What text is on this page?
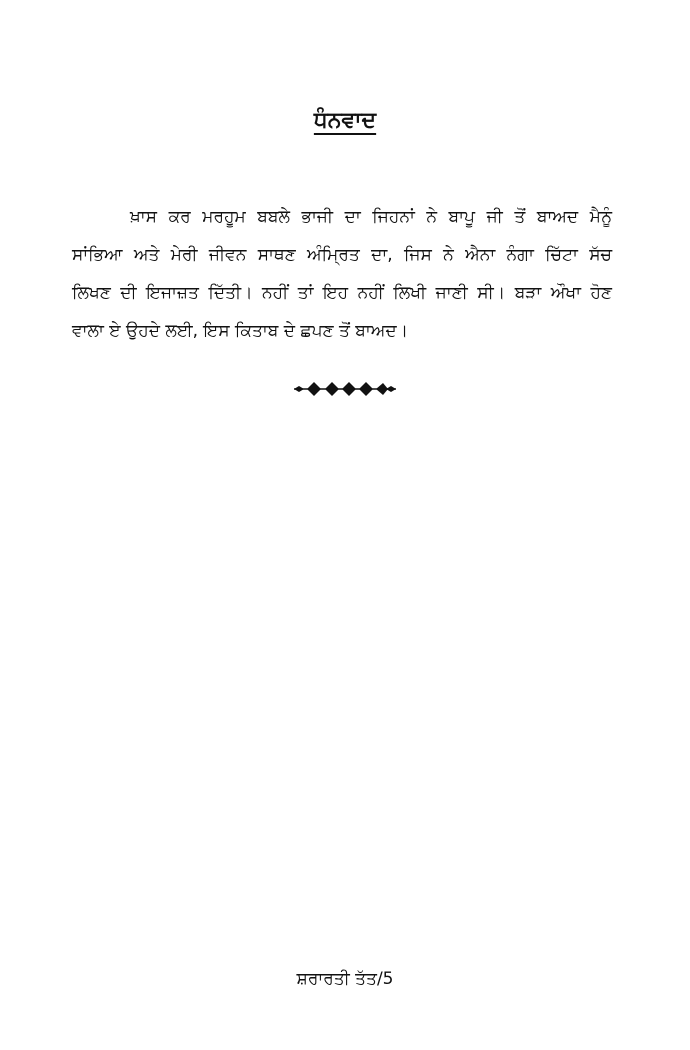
ਧੰਨਵਾਦ
ਖ਼ਾਸ ਕਰ ਮਰਹੂਮ ਬਬਲੇ ਭਾਜੀ ਦਾ ਜਿਹਨਾਂ ਨੇ ਬਾਪੂ ਜੀ ਤੋਂ ਬਾਅਦ ਮੈਨੂੰ
ਸਾਂਭਿਆ ਅਤੇ ਮੇਰੀ ਜੀਵਨ ਸਾਥਣ ਅੰਮ੍ਰਿਤ ਦਾ, ਜਿਸ ਨੇ ਐਨਾ ਨੰਗਾ ਚਿੱਟਾ ਸੱਚ
ਲਿਖਣ ਦੀ ਇਜਾਜ਼ਤ ਦਿੱਤੀ। ਨਹੀਂ ਤਾਂ ਇਹ ਨਹੀਂ ਲਿਖੀ ਜਾਣੀ ਸੀ। ਬੜਾ ਔਖਾ ਹੋਣ
ਵਾਲਾ ਏ ਉਹਦੇ ਲਈ, ਇਸ ਕਿਤਾਬ ਦੇ ਛਪਣ ਤੋਂ ਬਾਅਦ।
ਸ਼ਰਾਰਤੀ ਤੱਤ/5
